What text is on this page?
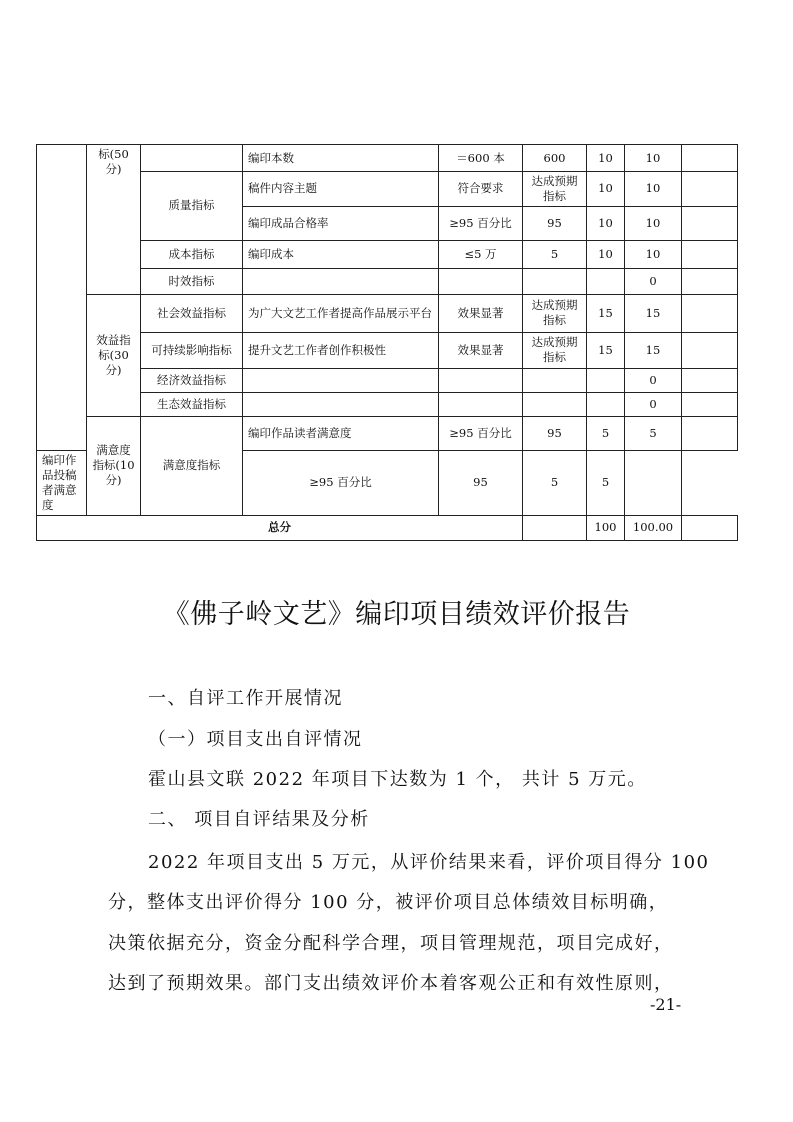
	标(50分)		编印本数	＝600 本	600	10	10	
		质量指标	稿件内容主题	符合要求	达成预期指标	10	10	
			编印成品合格率	≥95 百分比	95	10	10	
		成本指标	编印成本	≤5 万	5	10	10	
		时效指标					0	
	效益指标(30分)	社会效益指标	为广大文艺工作者提高作品展示平台	效果显著	达成预期指标	15	15	
		可持续影响指标	提升文艺工作者创作积极性	效果显著	达成预期指标	15	15	
		经济效益指标					0	
		生态效益指标					0	
	满意度指标(10分)	满意度指标	编印作品读者满意度	≥95 百分比	95	5	5	
编印作品投稿者满意度			≥95 百分比	95	5	5		
总分						100	100.00	
《佛子岭文艺》编印项目绩效评价报告
一、自评工作开展情况
（一）项目支出自评情况
霍山县文联 2022 年项目下达数为 1 个， 共计 5 万元。
二、 项目自评结果及分析
2022 年项目支出 5 万元，从评价结果来看，评价项目得分 100
分，整体支出评价得分 100 分，被评价项目总体绩效目标明确，
决策依据充分，资金分配科学合理，项目管理规范，项目完成好，
达到了预期效果。部门支出绩效评价本着客观公正和有效性原则，
-21-
